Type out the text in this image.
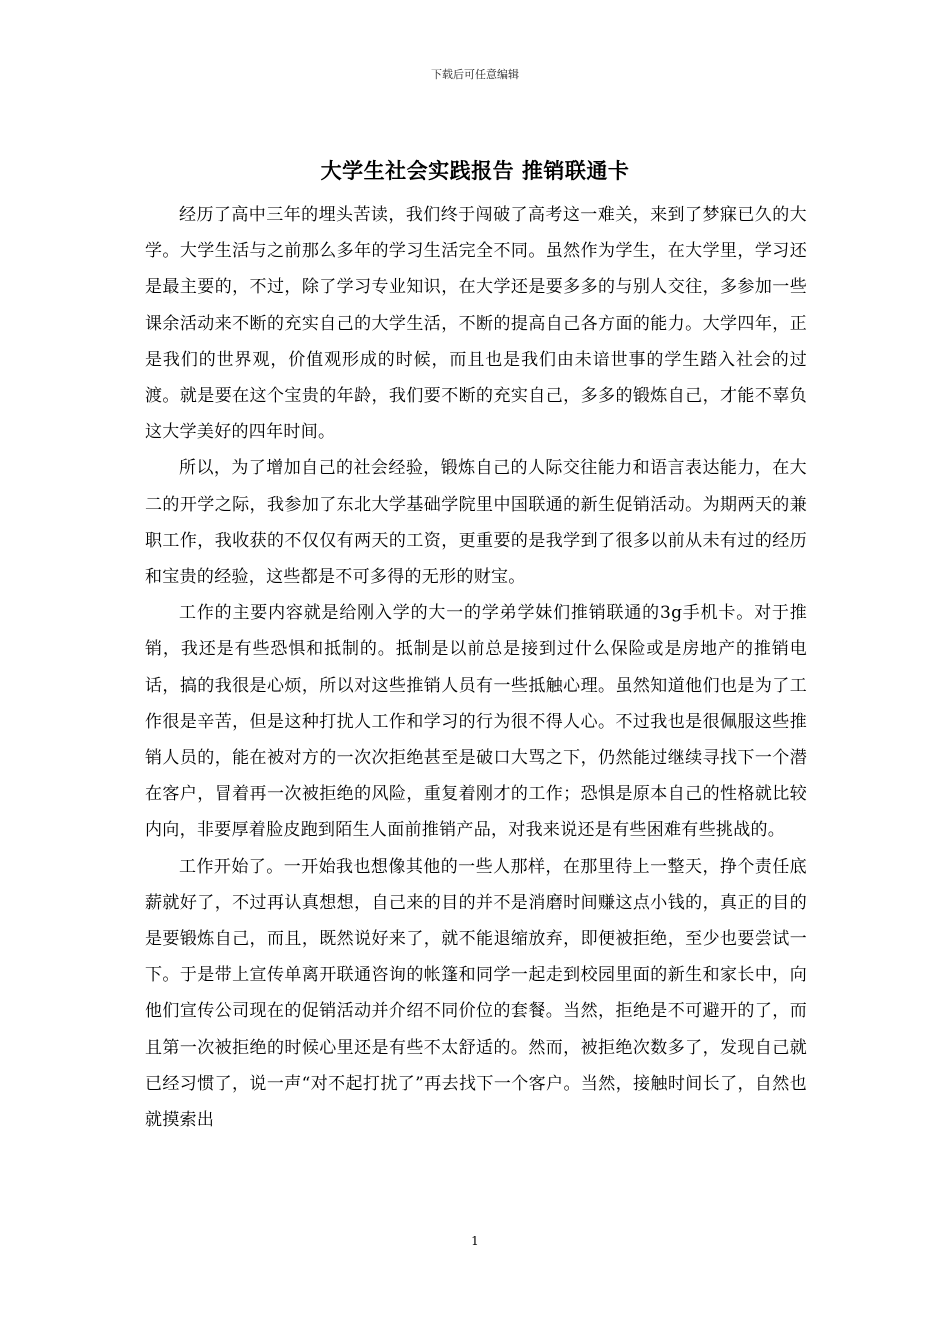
下载后可任意编辑
大学生社会实践报告 推销联通卡

经历了高中三年的埋头苦读，我们终于闯破了高考这一难关，来到了梦寐已久的大学。大学生活与之前那么多年的学习生活完全不同。虽然作为学生，在大学里，学习还是最主要的，不过，除了学习专业知识，在大学还是要多多的与别人交往，多参加一些课余活动来不断的充实自己的大学生活，不断的提高自己各方面的能力。大学四年，正是我们的世界观，价值观形成的时候，而且也是我们由未谙世事的学生踏入社会的过渡。就是要在这个宝贵的年龄，我们要不断的充实自己，多多的锻炼自己，才能不辜负这大学美好的四年时间。

所以，为了增加自己的社会经验，锻炼自己的人际交往能力和语言表达能力，在大二的开学之际，我参加了东北大学基础学院里中国联通的新生促销活动。为期两天的兼职工作，我收获的不仅仅有两天的工资，更重要的是我学到了很多以前从未有过的经历和宝贵的经验，这些都是不可多得的无形的财宝。

工作的主要内容就是给刚入学的大一的学弟学妹们推销联通的3g手机卡。对于推销，我还是有些恐惧和抵制的。抵制是以前总是接到过什么保险或是房地产的推销电话，搞的我很是心烦，所以对这些推销人员有一些抵触心理。虽然知道他们也是为了工作很是辛苦，但是这种打扰人工作和学习的行为很不得人心。不过我也是很佩服这些推销人员的，能在被对方的一次次拒绝甚至是破口大骂之下，仍然能过继续寻找下一个潜在客户，冒着再一次被拒绝的风险，重复着刚才的工作；恐惧是原本自己的性格就比较内向，非要厚着脸皮跑到陌生人面前推销产品，对我来说还是有些困难有些挑战的。

工作开始了。一开始我也想像其他的一些人那样，在那里待上一整天，挣个责任底薪就好了，不过再认真想想，自己来的目的并不是消磨时间赚这点小钱的，真正的目的是要锻炼自己，而且，既然说好来了，就不能退缩放弃，即便被拒绝，至少也要尝试一下。于是带上宣传单离开联通咨询的帐篷和同学一起走到校园里面的新生和家长中，向他们宣传公司现在的促销活动并介绍不同价位的套餐。当然，拒绝是不可避开的了，而且第一次被拒绝的时候心里还是有些不太舒适的。然而，被拒绝次数多了，发现自己就已经习惯了，说一声“对不起打扰了”再去找下一个客户。当然，接触时间长了，自然也就摸索出

1
